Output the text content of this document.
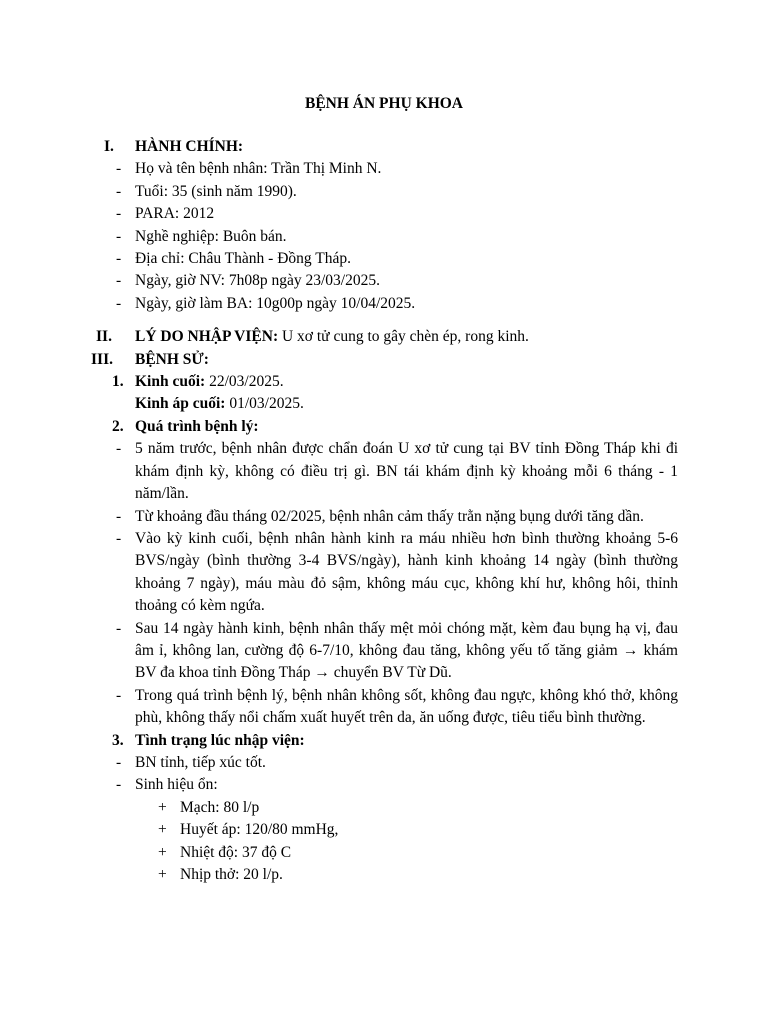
BỆNH ÁN PHỤ KHOA
I. HÀNH CHÍNH:
- Họ và tên bệnh nhân: Trần Thị Minh N.
- Tuổi: 35 (sinh năm 1990).
- PARA: 2012
- Nghề nghiệp: Buôn bán.
- Địa chỉ: Châu Thành - Đồng Tháp.
- Ngày, giờ NV: 7h08p ngày 23/03/2025.
- Ngày, giờ làm BA: 10g00p ngày 10/04/2025.
II. LÝ DO NHẬP VIỆN: U xơ tử cung to gây chèn ép, rong kinh.
III. BỆNH SỬ:
1. Kinh cuối: 22/03/2025.
Kinh áp cuối: 01/03/2025.
2. Quá trình bệnh lý:
- 5 năm trước, bệnh nhân được chẩn đoán U xơ tử cung tại BV tỉnh Đồng Tháp khi đi khám định kỳ, không có điều trị gì. BN tái khám định kỳ khoảng mỗi 6 tháng - 1 năm/lần.
- Từ khoảng đầu tháng 02/2025, bệnh nhân cảm thấy trằn nặng bụng dưới tăng dần.
- Vào kỳ kinh cuối, bệnh nhân hành kinh ra máu nhiều hơn bình thường khoảng 5-6 BVS/ngày (bình thường 3-4 BVS/ngày), hành kinh khoảng 14 ngày (bình thường khoảng 7 ngày), máu màu đỏ sậm, không máu cục, không khí hư, không hôi, thỉnh thoảng có kèm ngứa.
- Sau 14 ngày hành kinh, bệnh nhân thấy mệt mỏi chóng mặt, kèm đau bụng hạ vị, đau âm ỉ, không lan, cường độ 6-7/10, không đau tăng, không yếu tố tăng giảm → khám BV đa khoa tỉnh Đồng Tháp → chuyển BV Từ Dũ.
- Trong quá trình bệnh lý, bệnh nhân không sốt, không đau ngực, không khó thở, không phù, không thấy nổi chấm xuất huyết trên da, ăn uống được, tiêu tiểu bình thường.
3. Tình trạng lúc nhập viện:
- BN tỉnh, tiếp xúc tốt.
- Sinh hiệu ổn:
+ Mạch: 80 l/p
+ Huyết áp: 120/80 mmHg,
+ Nhiệt độ: 37 độ C
+ Nhịp thở: 20 l/p.
